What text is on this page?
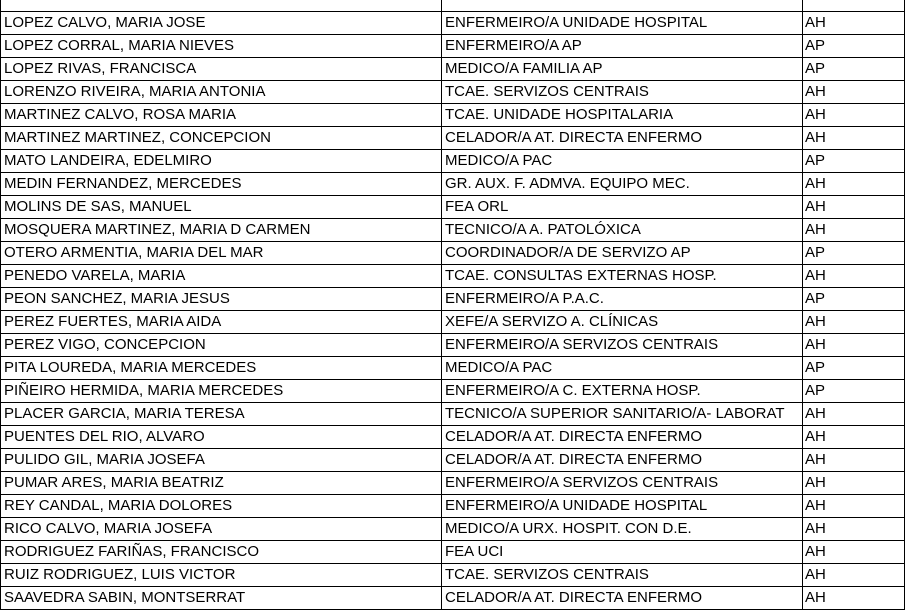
LOPEZ CALVO, MARIA JOSE	ENFERMEIRO/A UNIDADE HOSPITAL	AH
LOPEZ CORRAL, MARIA NIEVES	ENFERMEIRO/A AP	AP
LOPEZ RIVAS, FRANCISCA	MEDICO/A FAMILIA AP	AP
LORENZO RIVEIRA, MARIA ANTONIA	TCAE. SERVIZOS CENTRAIS	AH
MARTINEZ CALVO, ROSA MARIA	TCAE. UNIDADE HOSPITALARIA	AH
MARTINEZ MARTINEZ, CONCEPCION	CELADOR/A AT. DIRECTA ENFERMO	AH
MATO LANDEIRA, EDELMIRO	MEDICO/A PAC	AP
MEDIN FERNANDEZ, MERCEDES	GR. AUX. F. ADMVA. EQUIPO MEC.	AH
MOLINS DE SAS, MANUEL	FEA ORL	AH
MOSQUERA MARTINEZ, MARIA D CARMEN	TECNICO/A A. PATOLÓXICA	AH
OTERO ARMENTIA, MARIA DEL MAR	COORDINADOR/A DE SERVIZO AP	AP
PENEDO VARELA, MARIA	TCAE. CONSULTAS EXTERNAS HOSP.	AH
PEON SANCHEZ, MARIA JESUS	ENFERMEIRO/A P.A.C.	AP
PEREZ FUERTES, MARIA AIDA	XEFE/A SERVIZO A. CLÍNICAS	AH
PEREZ VIGO, CONCEPCION	ENFERMEIRO/A SERVIZOS CENTRAIS	AH
PITA LOUREDA, MARIA MERCEDES	MEDICO/A PAC	AP
PIÑEIRO HERMIDA, MARIA MERCEDES	ENFERMEIRO/A C. EXTERNA HOSP.	AP
PLACER GARCIA, MARIA TERESA	TECNICO/A SUPERIOR SANITARIO/A- LABORAT	AH
PUENTES DEL RIO, ALVARO	CELADOR/A AT. DIRECTA ENFERMO	AH
PULIDO GIL, MARIA JOSEFA	CELADOR/A AT. DIRECTA ENFERMO	AH
PUMAR ARES, MARIA BEATRIZ	ENFERMEIRO/A SERVIZOS CENTRAIS	AH
REY CANDAL, MARIA DOLORES	ENFERMEIRO/A UNIDADE HOSPITAL	AH
RICO CALVO, MARIA JOSEFA	MEDICO/A URX. HOSPIT. CON D.E.	AH
RODRIGUEZ FARIÑAS, FRANCISCO	FEA UCI	AH
RUIZ RODRIGUEZ, LUIS VICTOR	TCAE. SERVIZOS CENTRAIS	AH
SAAVEDRA SABIN, MONTSERRAT	CELADOR/A AT. DIRECTA ENFERMO	AH
